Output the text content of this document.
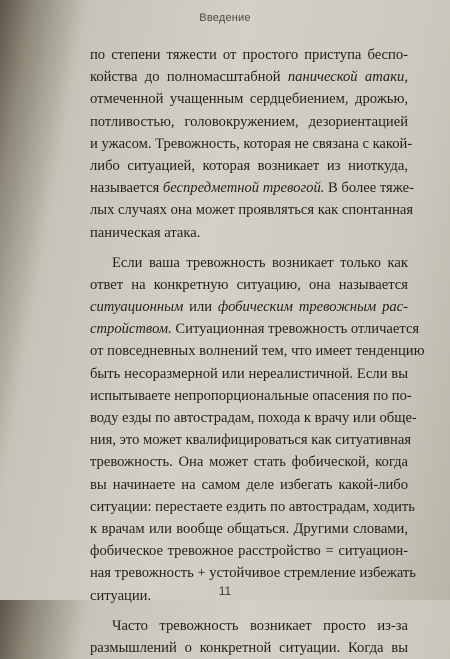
Введение
по степени тяжести от простого приступа беспо-
койства до полномасштабной панической атаки,
отмеченной учащенным сердцебиением, дрожью,
потливостью, головокружением, дезориентацией
и ужасом. Тревожность, которая не связана с какой-
либо ситуацией, которая возникает из ниоткуда,
называется беспредметной тревогой. В более тяже-
лых случаях она может проявляться как спонтанная
паническая атака.
Если ваша тревожность возникает только как
ответ на конкретную ситуацию, она называется
ситуационным или фобическим тревожным рас-
стройством. Ситуационная тревожность отличается
от повседневных волнений тем, что имеет тенденцию
быть несоразмерной или нереалистичной. Если вы
испытываете непропорциональные опасения по по-
воду езды по автострадам, похода к врачу или обще-
ния, это может квалифицироваться как ситуативная
тревожность. Она может стать фобической, когда
вы начинаете на самом деле избегать какой-либо
ситуации: перестаете ездить по автострадам, ходить
к врачам или вообще общаться. Другими словами,
фобическое тревожное расстройство = ситуацион-
ная тревожность + устойчивое стремление избежать
ситуации.
Часто тревожность возникает просто из-за
размышлений о конкретной ситуации. Когда вы
11
